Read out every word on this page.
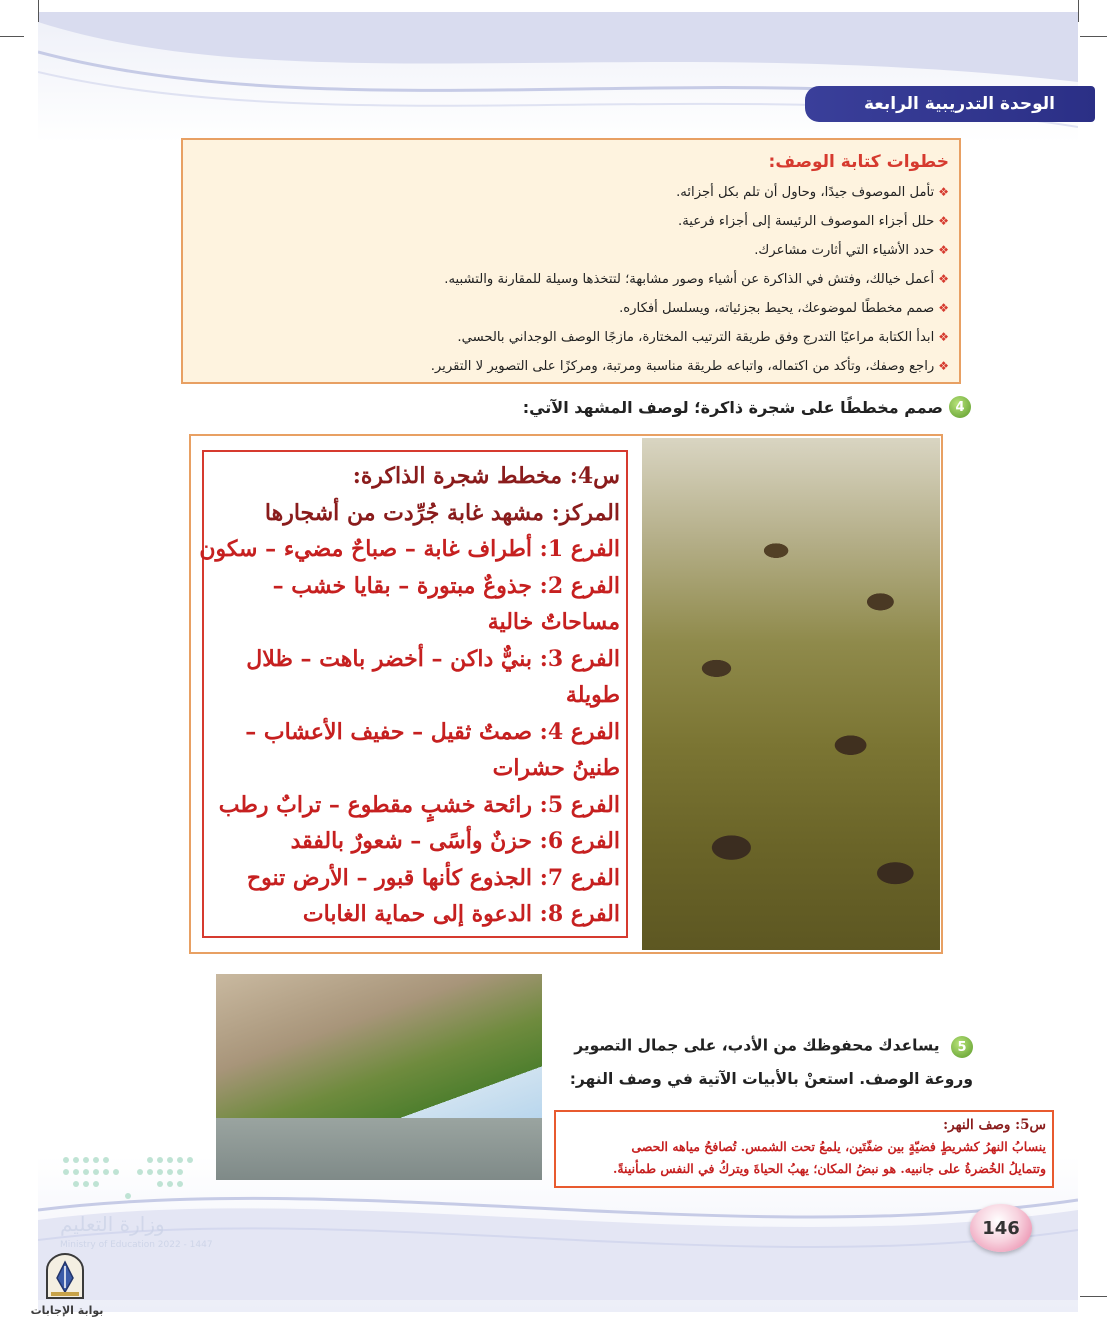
الوحدة التدريبية الرابعة
خطوات كتابة الوصف:
❖تأمل الموصوف جيدًا، وحاول أن تلم بكل أجزائه.
❖حلل أجزاء الموصوف الرئيسة إلى أجزاء فرعية.
❖حدد الأشياء التي أثارت مشاعرك.
❖أعمل خيالك، وفتش في الذاكرة عن أشياء وصور مشابهة؛ لتتخذها وسيلة للمقارنة والتشبيه.
❖صمم مخططًا لموضوعك، يحيط بجزئياته، ويسلسل أفكاره.
❖ابدأ الكتابة مراعيًا التدرج وفق طريقة الترتيب المختارة، مازجًا الوصف الوجداني بالحسي.
❖راجع وصفك، وتأكد من اكتماله، واتباعه طريقة مناسبة ومرتبة، ومركزًا على التصوير لا التقرير.
4
صمم مخططًا على شجرة ذاكرة؛ لوصف المشهد الآتي:
س4: مخطط شجرة الذاكرة:
المركز: مشهد غابة جُرِّدت من أشجارها
الفرع 1: أطراف غابة – صباحٌ مضيء – سكون
الفرع 2: جذوعٌ مبتورة – بقايا خشب –
مساحاتٌ خالية
الفرع 3: بنيٌّ داكن – أخضر باهت – ظلال
طويلة
الفرع 4: صمتٌ ثقيل – حفيف الأعشاب –
طنينُ حشرات
الفرع 5: رائحة خشبٍ مقطوع – ترابٌ رطب
الفرع 6: حزنٌ وأسًى – شعورٌ بالفقد
الفرع 7: الجذوع كأنها قبور – الأرض تنوح
الفرع 8: الدعوة إلى حماية الغابات
5 يساعدك محفوظك من الأدب، على جمال التصوير
وروعة الوصف. استعنْ بالأبيات الآتية في وصف النهر:
س5: وصف النهر:
ينسابُ النهرُ كشريطٍ فضيّةٍ بين ضفّتَين، يلمعُ تحت الشمس. تُصافحُ مياهه الحصى
وتتمايلُ الخُضرةُ على جانبيه. هو نبضُ المكان؛ يهبُ الحياةَ ويتركُ في النفس طمأنينةً.
وزارة التعليم
Ministry of Education 2022 - 1447
146
بوابة الإجابات
